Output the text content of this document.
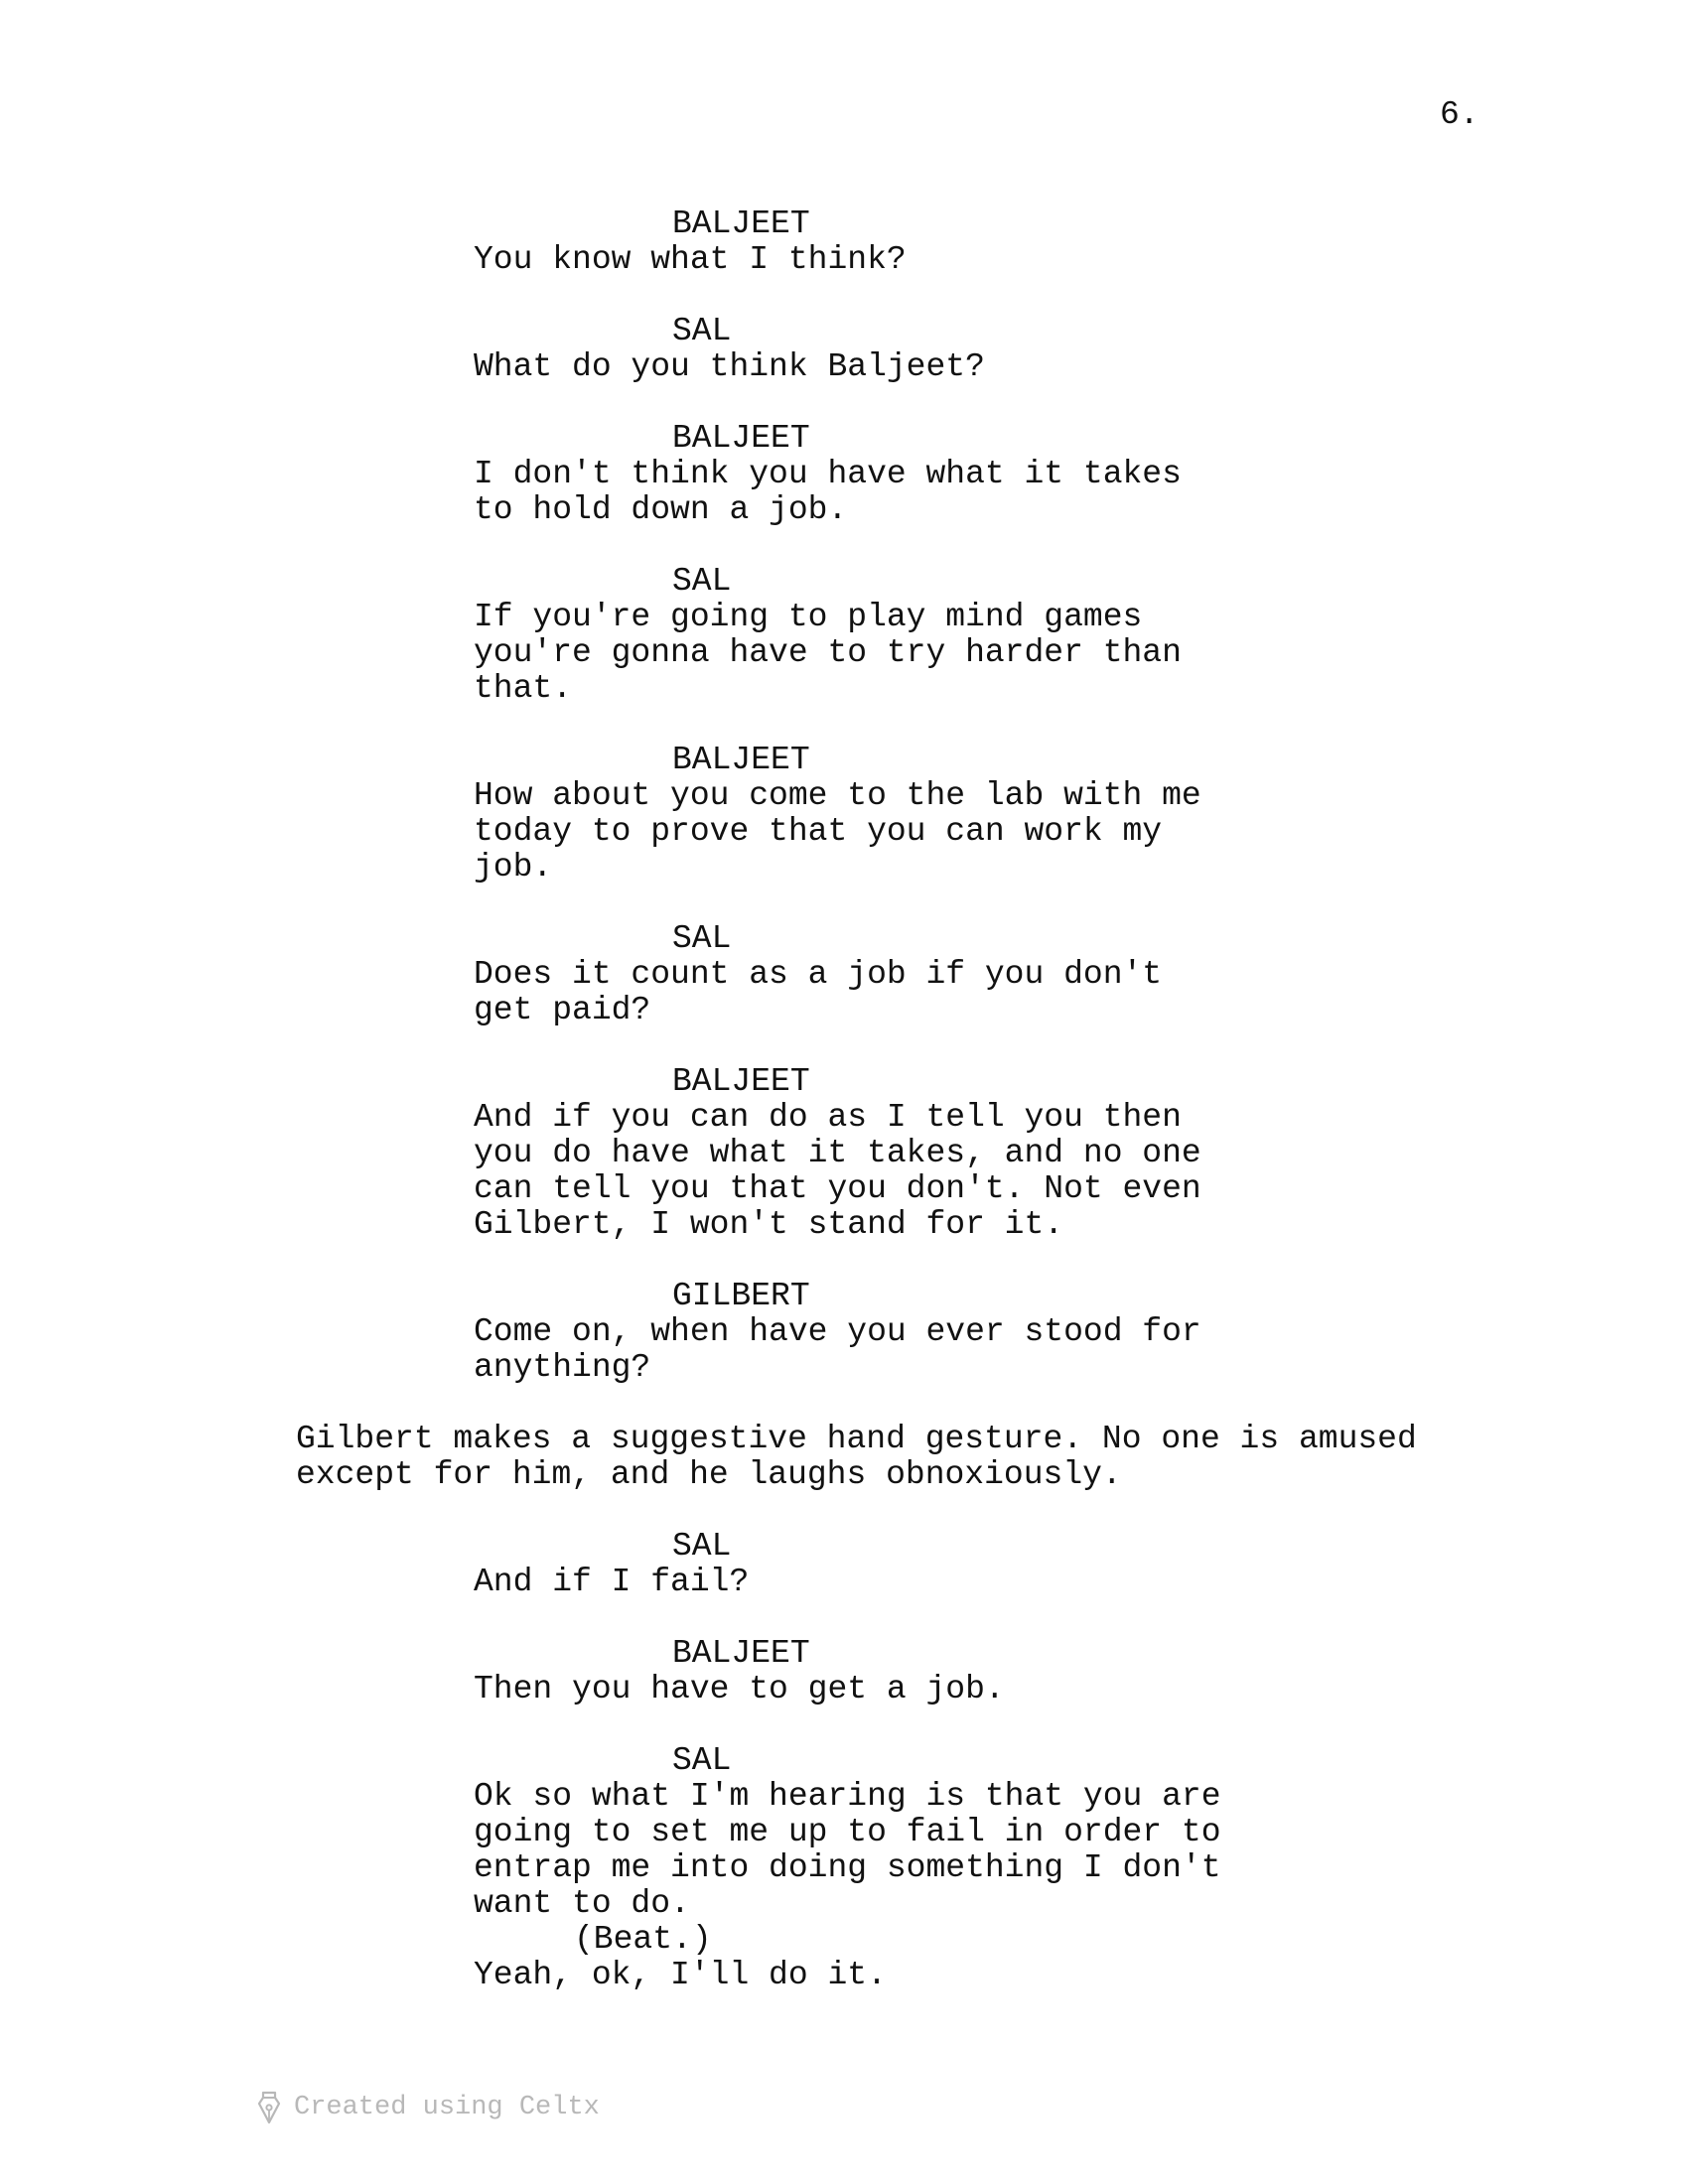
6.
BALJEET
You know what I think?
SAL
What do you think Baljeet?
BALJEET
I don't think you have what it takes
to hold down a job.
SAL
If you're going to play mind games
you're gonna have to try harder than
that.
BALJEET
How about you come to the lab with me
today to prove that you can work my
job.
SAL
Does it count as a job if you don't
get paid?
BALJEET
And if you can do as I tell you then
you do have what it takes, and no one
can tell you that you don't. Not even
Gilbert, I won't stand for it.
GILBERT
Come on, when have you ever stood for
anything?
Gilbert makes a suggestive hand gesture. No one is amused
except for him, and he laughs obnoxiously.
SAL
And if I fail?
BALJEET
Then you have to get a job.
SAL
Ok so what I'm hearing is that you are
going to set me up to fail in order to
entrap me into doing something I don't
want to do.
(Beat.)
Yeah, ok, I'll do it.
Created using Celtx
